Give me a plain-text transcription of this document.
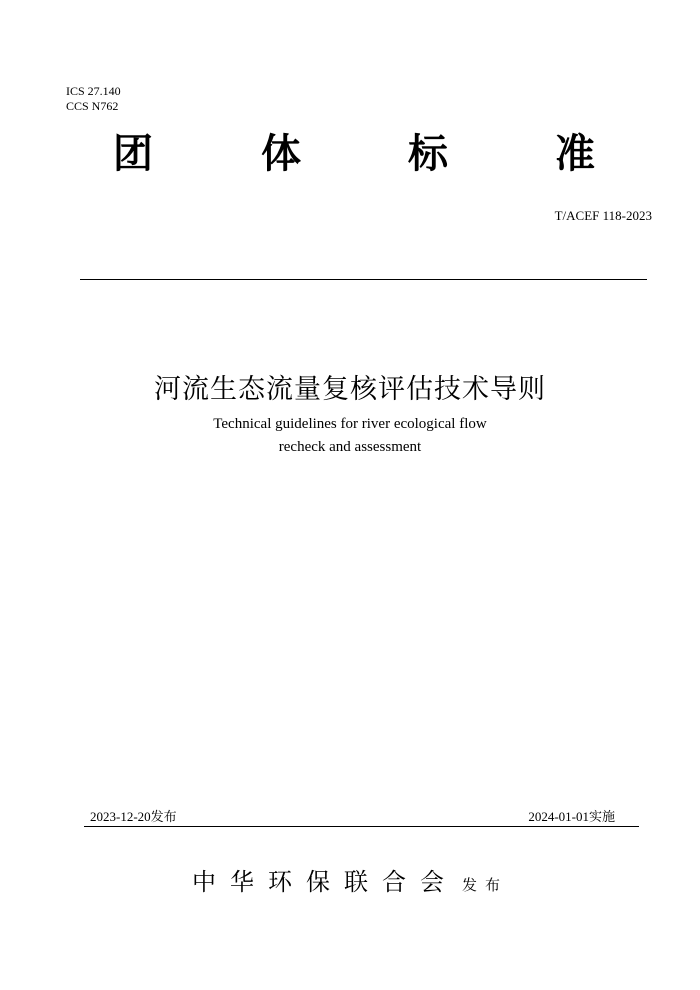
ICS 27.140
CCS N762
团	体	标	准
T/ACEF 118-2023
河流生态流量复核评估技术导则
Technical guidelines for river ecological flow
recheck and assessment
2023-12-20发布	2024-01-01实施
中华环保联合会 发布
